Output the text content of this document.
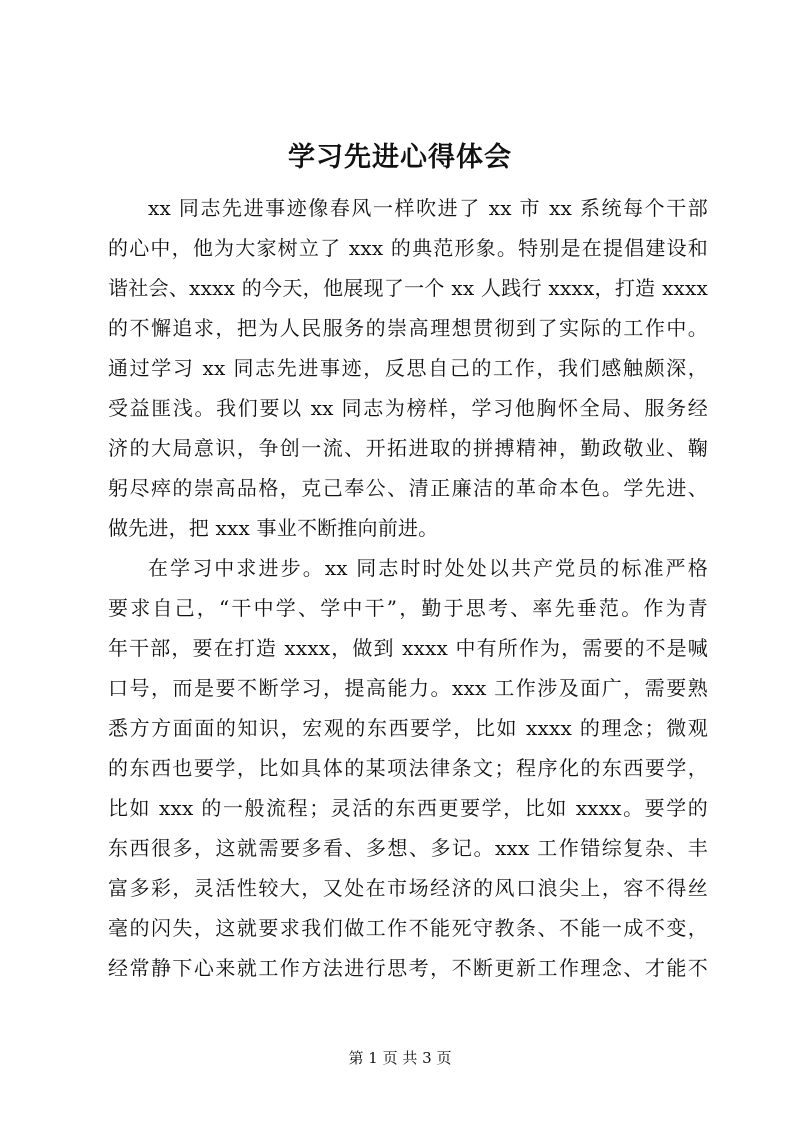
学习先进心得体会
xx 同志先进事迹像春风一样吹进了 xx 市 xx 系统每个干部
的心中，他为大家树立了 xxx 的典范形象。特别是在提倡建设和
谐社会、xxxx 的今天，他展现了一个 xx 人践行 xxxx，打造 xxxx
的不懈追求，把为人民服务的崇高理想贯彻到了实际的工作中。
通过学习 xx 同志先进事迹，反思自己的工作，我们感触颇深，
受益匪浅。我们要以 xx 同志为榜样，学习他胸怀全局、服务经
济的大局意识，争创一流、开拓进取的拼搏精神，勤政敬业、鞠
躬尽瘁的崇高品格，克己奉公、清正廉洁的革命本色。学先进、
做先进，把 xxx 事业不断推向前进。
在学习中求进步。xx 同志时时处处以共产党员的标准严格
要求自己，“干中学、学中干”，勤于思考、率先垂范。作为青
年干部，要在打造 xxxx，做到 xxxx 中有所作为，需要的不是喊
口号，而是要不断学习，提高能力。xxx 工作涉及面广，需要熟
悉方方面面的知识，宏观的东西要学，比如 xxxx 的理念；微观
的东西也要学，比如具体的某项法律条文；程序化的东西要学，
比如 xxx 的一般流程；灵活的东西更要学，比如 xxxx。要学的
东西很多，这就需要多看、多想、多记。xxx 工作错综复杂、丰
富多彩，灵活性较大，又处在市场经济的风口浪尖上，容不得丝
毫的闪失，这就要求我们做工作不能死守教条、不能一成不变，
经常静下心来就工作方法进行思考，不断更新工作理念、才能不
第 1 页 共 3 页
